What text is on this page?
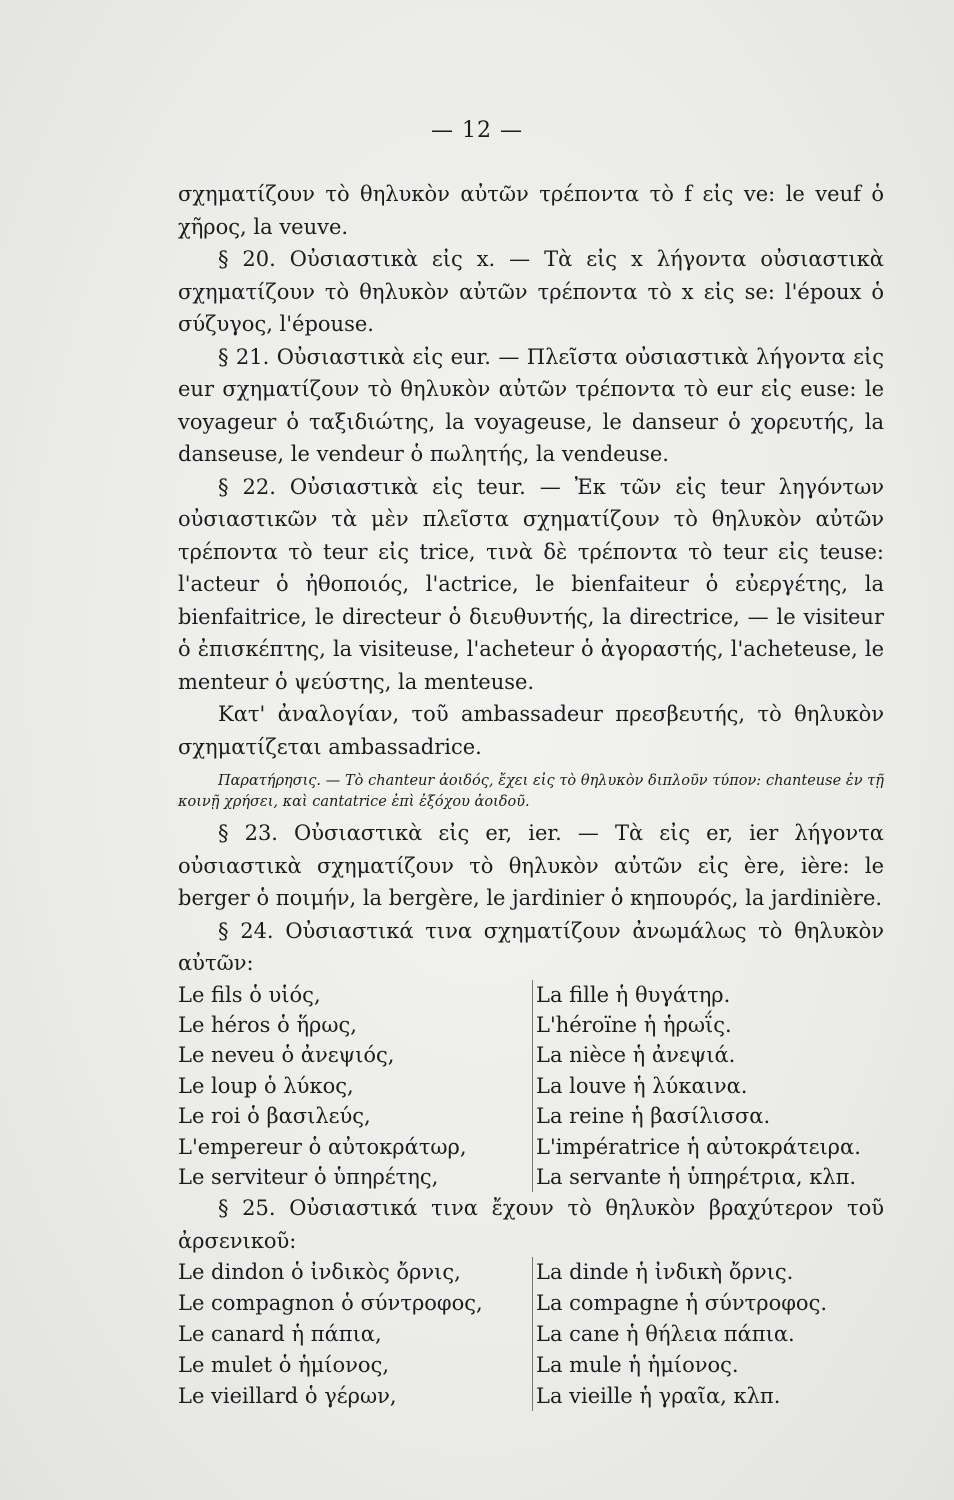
— 12 —

σχηματίζουν τὸ θηλυκὸν αὐτῶν τρέποντα τὸ f εἰς ve: le veuf ὁ χῆρος, la veuve.

§ 20. Οὐσιαστικὰ εἰς x. — Τὰ εἰς x λήγοντα οὐσιαστικὰ σχηματίζουν τὸ θηλυκὸν αὐτῶν τρέποντα τὸ x εἰς se: l'époux ὁ σύζυγος, l'épouse.

§ 21. Οὐσιαστικὰ εἰς eur. — Πλεῖστα οὐσιαστικὰ λήγοντα εἰς eur σχηματίζουν τὸ θηλυκὸν αὐτῶν τρέποντα τὸ eur εἰς euse: le voyageur ὁ ταξιδιώτης, la voyageuse, le danseur ὁ χορευτής, la danseuse, le vendeur ὁ πωλητής, la vendeuse.

§ 22. Οὐσιαστικὰ εἰς teur. — Ἐκ τῶν εἰς teur ληγόντων οὐσιαστικῶν τὰ μὲν πλεῖστα σχηματίζουν τὸ θηλυκὸν αὐτῶν τρέποντα τὸ teur εἰς trice, τινὰ δὲ τρέποντα τὸ teur εἰς teuse: l'acteur ὁ ἠθοποιός, l'actrice, le bienfaiteur ὁ εὐεργέτης, la bienfaitrice, le directeur ὁ διευθυντής, la directrice, — le visiteur ὁ ἐπισκέπτης, la visiteuse, l'acheteur ὁ ἀγοραστής, l'acheteuse, le menteur ὁ ψεύστης, la menteuse.

Κατ' ἀναλογίαν, τοῦ ambassadeur πρεσβευτής, τὸ θηλυκὸν σχηματίζεται ambassadrice.

Παρατήρησις. — Τὸ chanteur ἀοιδός, ἔχει εἰς τὸ θηλυκὸν διπλοῦν τύπον: chanteuse ἐν τῇ κοινῇ χρήσει, καὶ cantatrice ἐπὶ ἐξόχου ἀοιδοῦ.

§ 23. Οὐσιαστικὰ εἰς er, ier. — Τὰ εἰς er, ier λήγοντα οὐσιαστικὰ σχηματίζουν τὸ θηλυκὸν αὐτῶν εἰς ère, ière: le berger ὁ ποιμήν, la bergère, le jardinier ὁ κηπουρός, la jardinière.

§ 24. Οὐσιαστικά τινα σχηματίζουν ἀνωμάλως τὸ θηλυκὸν αὐτῶν:

Le fils ὁ υἱός,	La fille ἡ θυγάτηρ.
Le héros ὁ ἥρως,	L'héroïne ἡ ἡρωΐς.
Le neveu ὁ ἀνεψιός,	La nièce ἡ ἀνεψιά.
Le loup ὁ λύκος,	La louve ἡ λύκαινα.
Le roi ὁ βασιλεύς,	La reine ἡ βασίλισσα.
L'empereur ὁ αὐτοκράτωρ,	L'impératrice ἡ αὐτοκράτειρα.
Le serviteur ὁ ὑπηρέτης,	La servante ἡ ὑπηρέτρια, κλπ.

§ 25. Οὐσιαστικά τινα ἔχουν τὸ θηλυκὸν βραχύτερον τοῦ ἀρσενικοῦ:

Le dindon ὁ ἰνδικὸς ὄρνις,	La dinde ἡ ἰνδικὴ ὄρνις.
Le compagnon ὁ σύντροφος,	La compagne ἡ σύντροφος.
Le canard ἡ πάπια,	La cane ἡ θήλεια πάπια.
Le mulet ὁ ἡμίονος,	La mule ἡ ἡμίονος.
Le vieillard ὁ γέρων,	La vieille ἡ γραῖα, κλπ.
